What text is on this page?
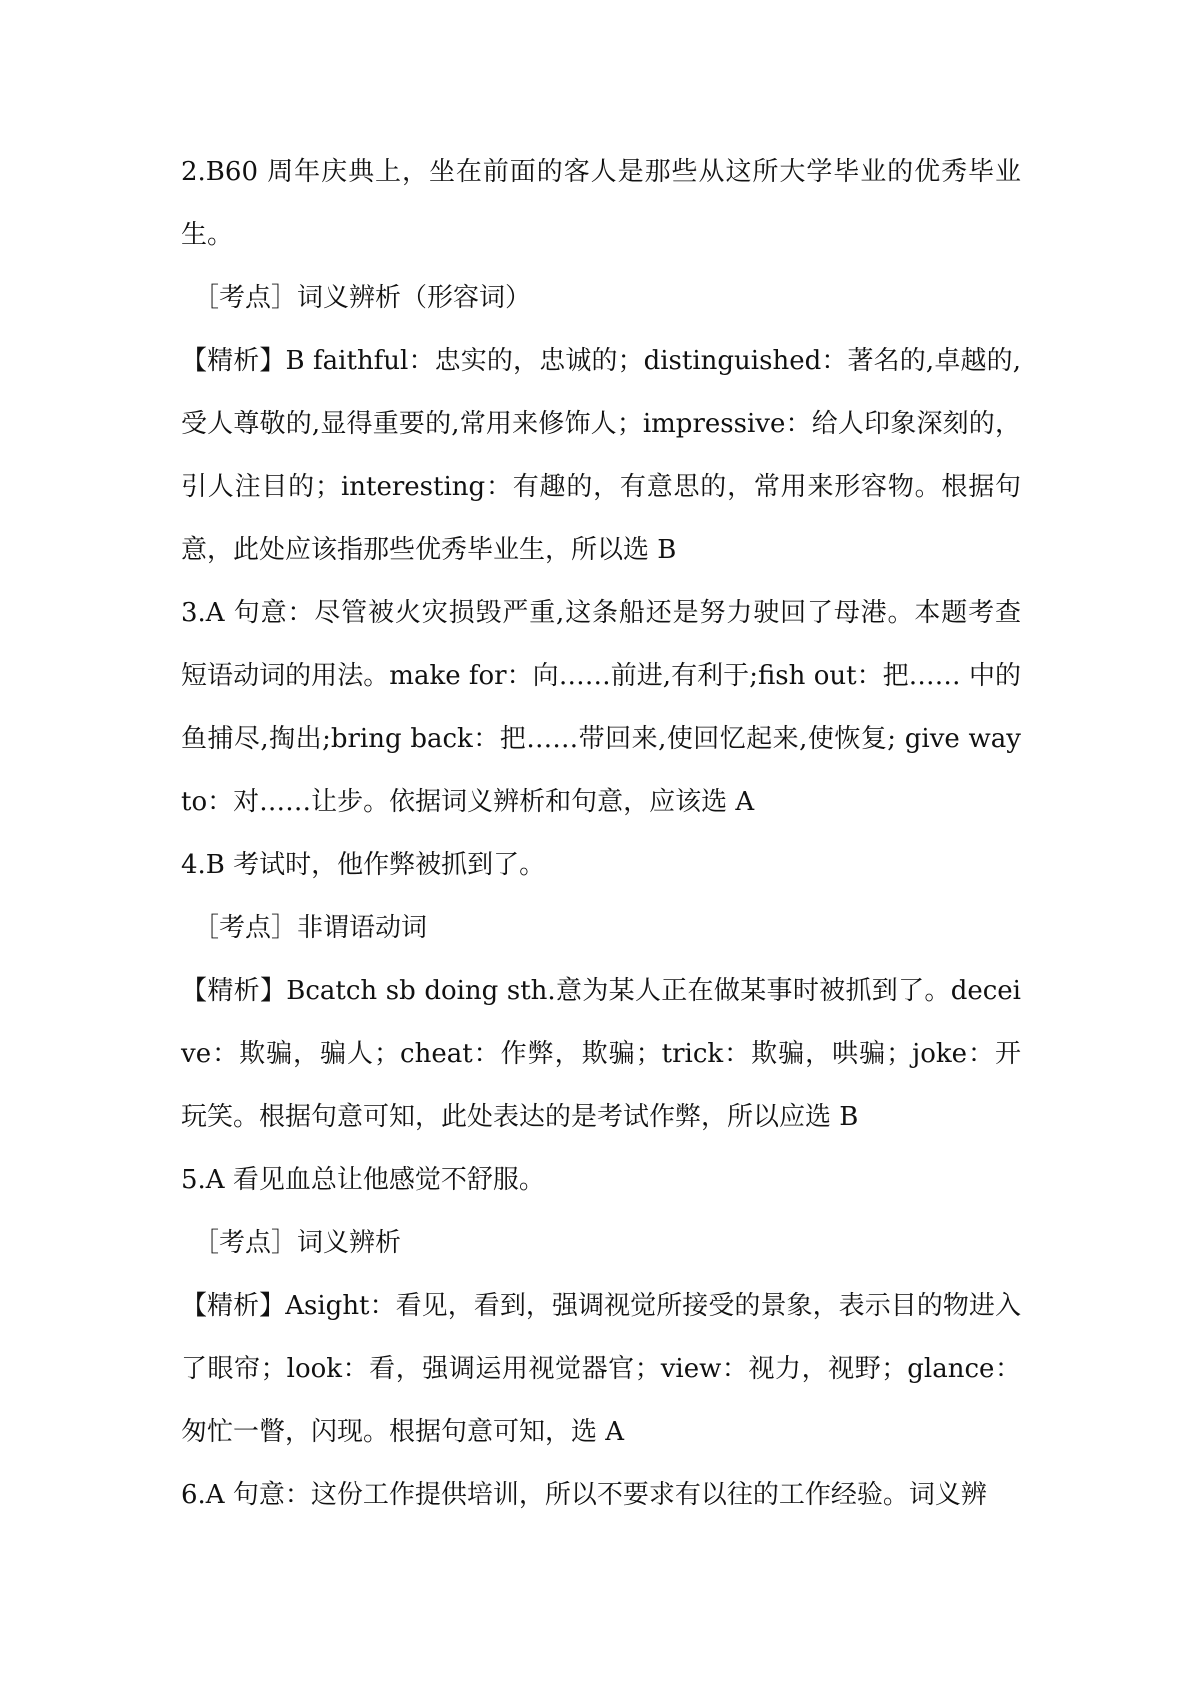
2.B60 周年庆典上，坐在前面的客人是那些从这所大学毕业的优秀毕业生。

［考点］词义辨析（形容词）

【精析】B faithful：忠实的，忠诚的；distinguished：著名的,卓越的,受人尊敬的,显得重要的,常用来修饰人；impressive：给人印象深刻的，引人注目的；interesting：有趣的，有意思的，常用来形容物。根据句意，此处应该指那些优秀毕业生，所以选 B

3.A 句意：尽管被火灾损毁严重,这条船还是努力驶回了母港。本题考查短语动词的用法。make for：向……前进,有利于;fish out：把…… 中的鱼捕尽,掏出;bring back：把……带回来,使回忆起来,使恢复; give way to：对……让步。依据词义辨析和句意，应该选 A

4.B 考试时，他作弊被抓到了。

［考点］非谓语动词

【精析】Bcatch sb doing sth.意为某人正在做某事时被抓到了。deceive：欺骗，骗人；cheat：作弊，欺骗；trick：欺骗，哄骗；joke：开玩笑。根据句意可知，此处表达的是考试作弊，所以应选 B

5.A 看见血总让他感觉不舒服。

［考点］词义辨析

【精析】Asight：看见，看到，强调视觉所接受的景象，表示目的物进入了眼帘；look：看，强调运用视觉器官；view：视力，视野；glance：匆忙一瞥，闪现。根据句意可知，选 A

6.A 句意：这份工作提供培训，所以不要求有以往的工作经验。词义辨
